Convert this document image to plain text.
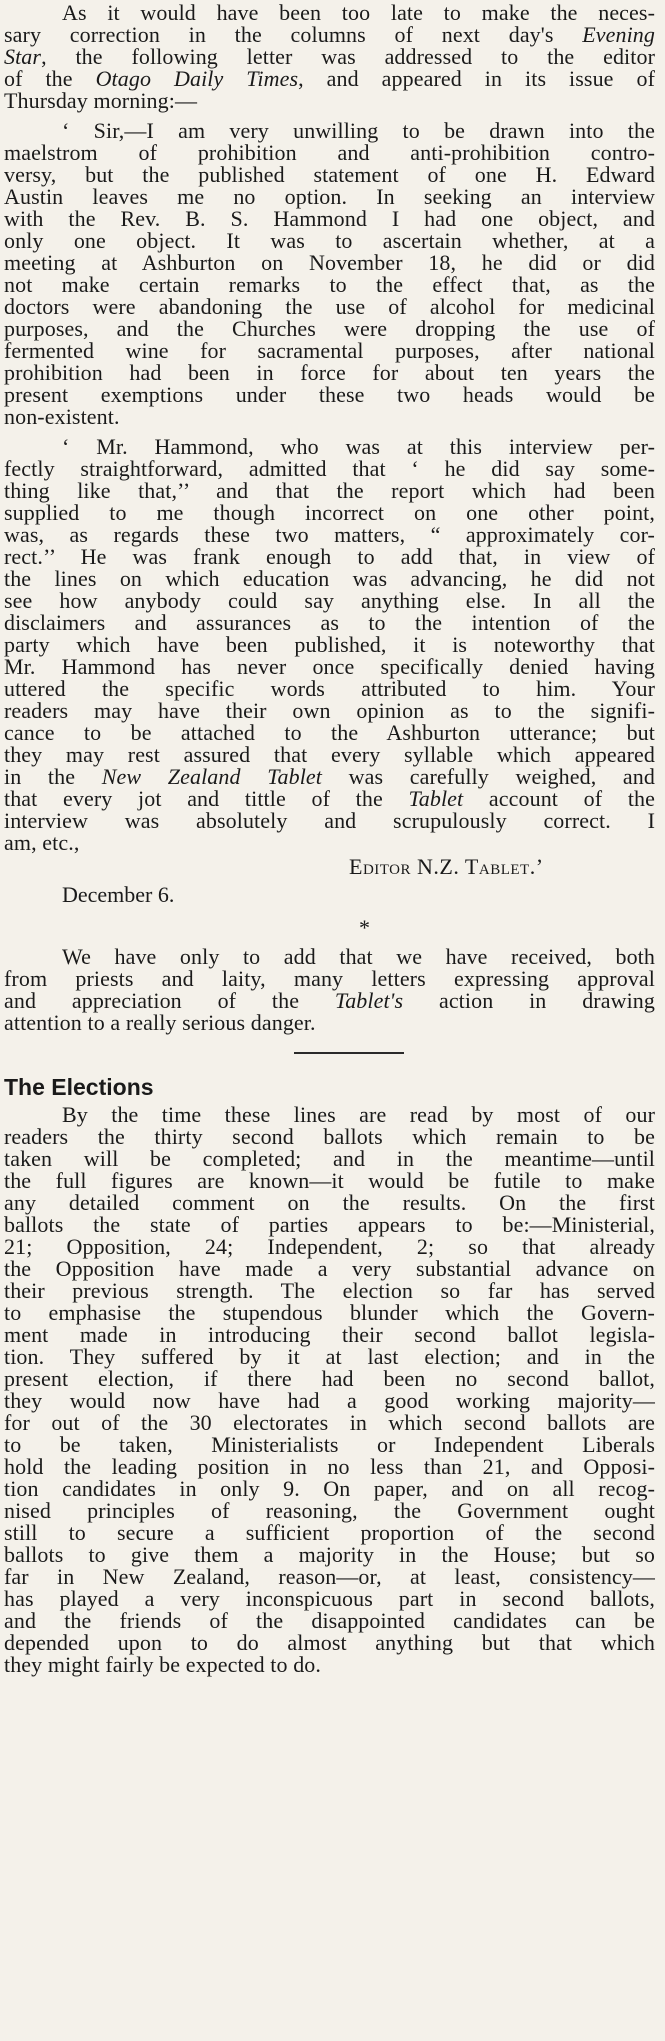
As it would have been too late to make the neces-
sary correction in the columns of next day's Evening
Star, the following letter was addressed to the editor
of the Otago Daily Times, and appeared in its issue of
Thursday morning:—
‘ Sir,—I am very unwilling to be drawn into the
maelstrom of prohibition and anti-prohibition contro-
versy, but the published statement of one H. Edward
Austin leaves me no option. In seeking an interview
with the Rev. B. S. Hammond I had one object, and
only one object. It was to ascertain whether, at a
meeting at Ashburton on November 18, he did or did
not make certain remarks to the effect that, as the
doctors were abandoning the use of alcohol for medicinal
purposes, and the Churches were dropping the use of
fermented wine for sacramental purposes, after national
prohibition had been in force for about ten years the
present exemptions under these two heads would be
non-existent.
‘ Mr. Hammond, who was at this interview per-
fectly straightforward, admitted that ‘ he did say some-
thing like that,’’ and that the report which had been
supplied to me though incorrect on one other point,
was, as regards these two matters, “ approximately cor-
rect.’’ He was frank enough to add that, in view of
the lines on which education was advancing, he did not
see how anybody could say anything else. In all the
disclaimers and assurances as to the intention of the
party which have been published, it is noteworthy that
Mr. Hammond has never once specifically denied having
uttered the specific words attributed to him. Your
readers may have their own opinion as to the signifi-
cance to be attached to the Ashburton utterance; but
they may rest assured that every syllable which appeared
in the New Zealand Tablet was carefully weighed, and
that every jot and tittle of the Tablet account of the
interview was absolutely and scrupulously correct. I
am, etc.,
Editor N.Z. Tablet.’
December 6.
*
We have only to add that we have received, both
from priests and laity, many letters expressing approval
and appreciation of the Tablet's action in drawing
attention to a really serious danger.
The Elections
By the time these lines are read by most of our
readers the thirty second ballots which remain to be
taken will be completed; and in the meantime—until
the full figures are known—it would be futile to make
any detailed comment on the results. On the first
ballots the state of parties appears to be:—Ministerial,
21; Opposition, 24; Independent, 2; so that already
the Opposition have made a very substantial advance on
their previous strength. The election so far has served
to emphasise the stupendous blunder which the Govern-
ment made in introducing their second ballot legisla-
tion. They suffered by it at last election; and in the
present election, if there had been no second ballot,
they would now have had a good working majority—
for out of the 30 electorates in which second ballots are
to be taken, Ministerialists or Independent Liberals
hold the leading position in no less than 21, and Opposi-
tion candidates in only 9. On paper, and on all recog-
nised principles of reasoning, the Government ought
still to secure a sufficient proportion of the second
ballots to give them a majority in the House; but so
far in New Zealand, reason—or, at least, consistency—
has played a very inconspicuous part in second ballots,
and the friends of the disappointed candidates can be
depended upon to do almost anything but that which
they might fairly be expected to do.
